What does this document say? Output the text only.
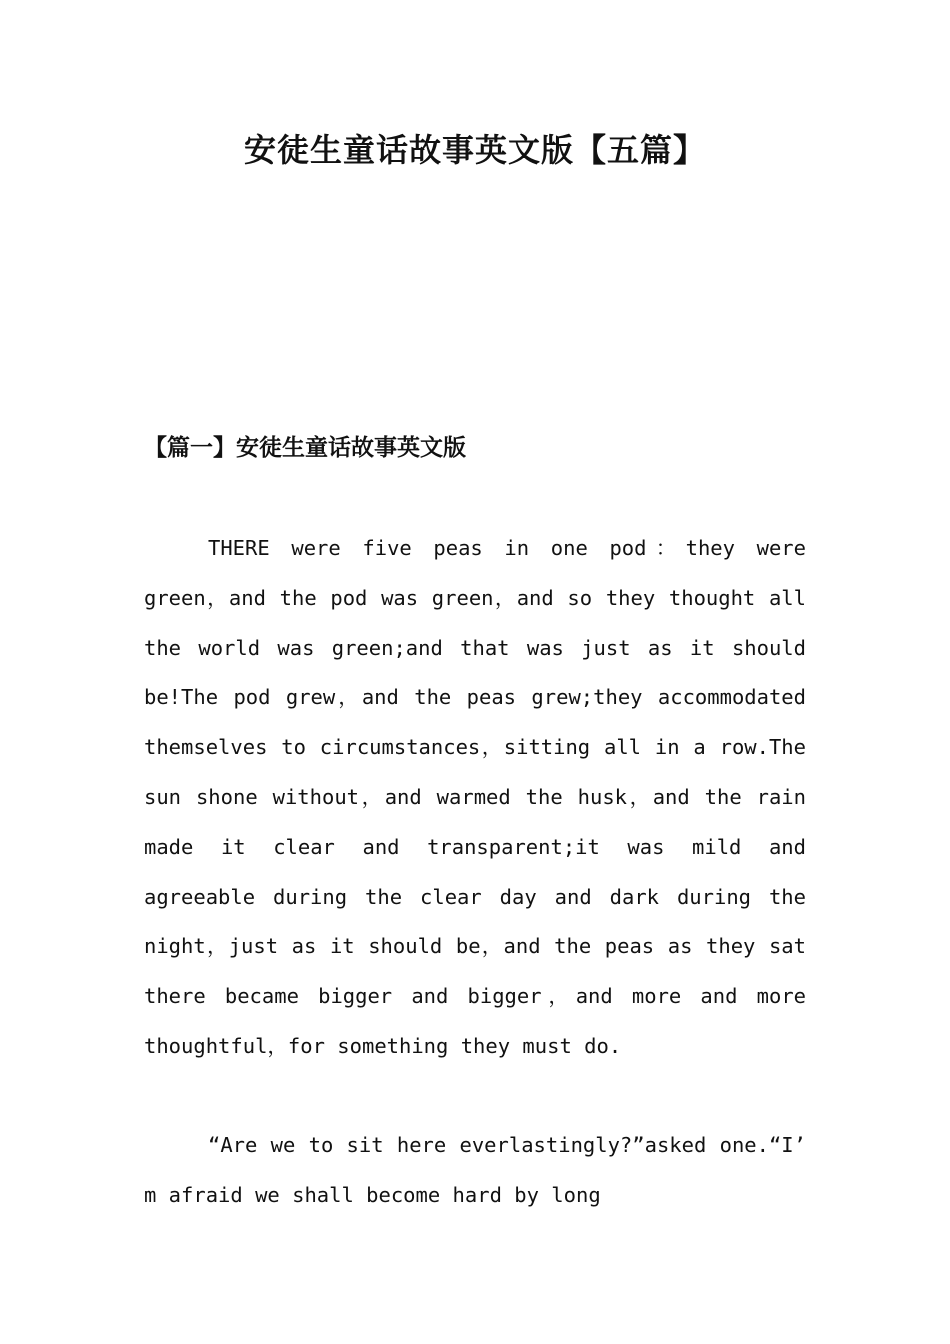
安徒生童话故事英文版【五篇】
【篇一】安徒生童话故事英文版

THERE were five peas in one pod：they were green，and the pod was green，and so they thought all the world was green;and that was just as it should be!The pod grew，and the peas grew;they accommodated themselves to circumstances，sitting all in a row.The sun shone without，and warmed the husk，and the rain made it clear and transparent;it was mild and agreeable during the clear day and dark during the night，just as it should be，and the peas as they sat there became bigger and bigger，and more and more thoughtful，for something they must do.

“Are we to sit here everlastingly?”asked one.“I’ m afraid we shall become hard by long
